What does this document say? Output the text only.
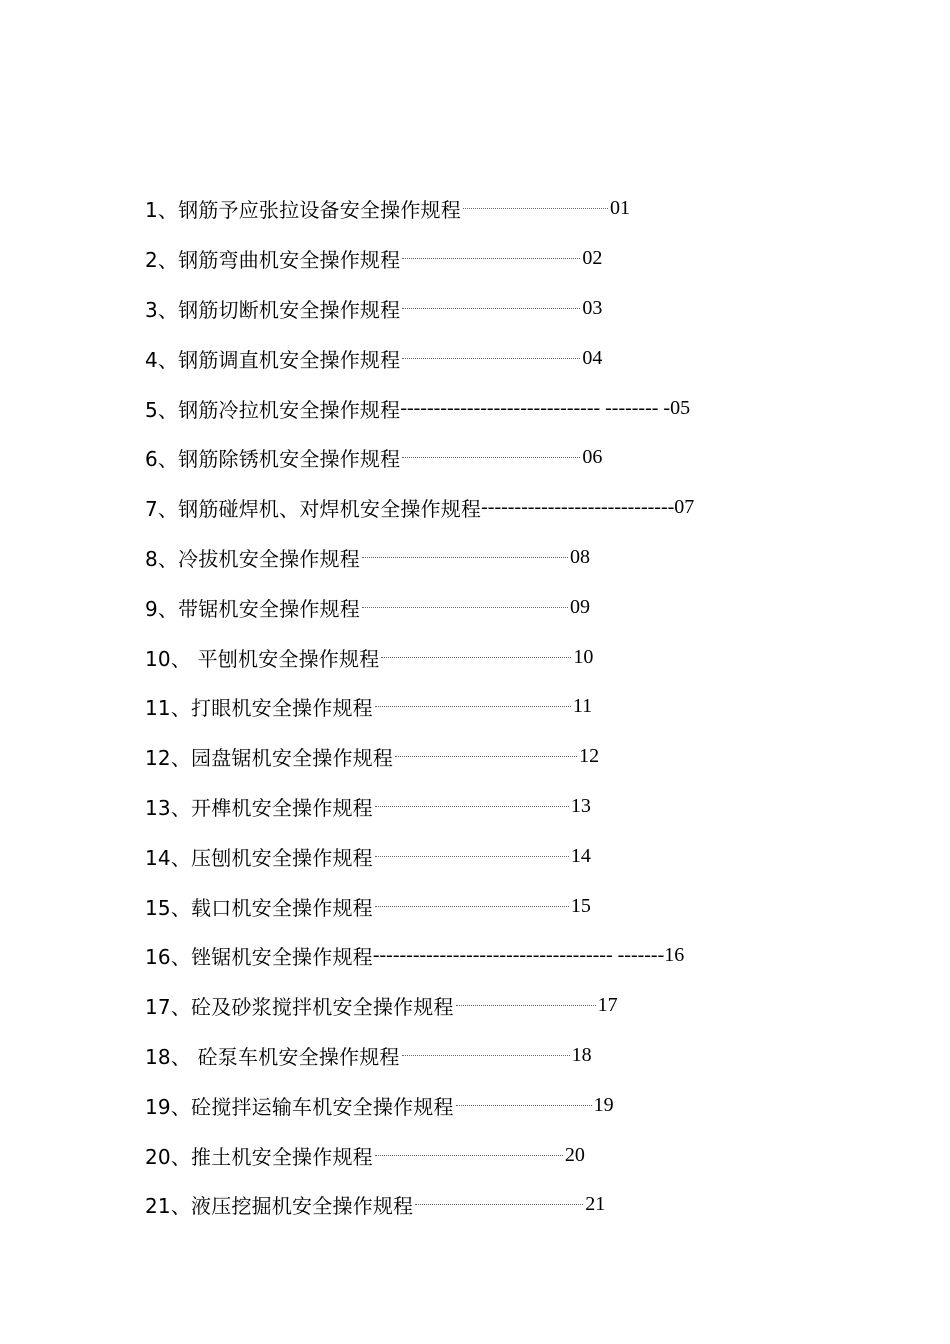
1、钢筋予应张拉设备安全操作规程	01
2、钢筋弯曲机安全操作规程	02
3、钢筋切断机安全操作规程	03
4、钢筋调直机安全操作规程	04
5、钢筋冷拉机安全操作规程 ------------------------------ -------- -05
6、钢筋除锈机安全操作规程	06
7、钢筋碰焊机、对焊机安全操作规程 -----------------------------07
8、冷拔机安全操作规程	08
9、带锯机安全操作规程	09
10、 平刨机安全操作规程	10
11、打眼机安全操作规程	11
12、园盘锯机安全操作规程	12
13、开榫机安全操作规程	13
14、压刨机安全操作规程	14
15、载口机安全操作规程	15
16、锉锯机安全操作规程 ------------------------------------ -------16
17、砼及砂浆搅拌机安全操作规程	17
18、 砼泵车机安全操作规程	18
19、砼搅拌运输车机安全操作规程	19
20、推土机安全操作规程	20
21、液压挖掘机安全操作规程	21
